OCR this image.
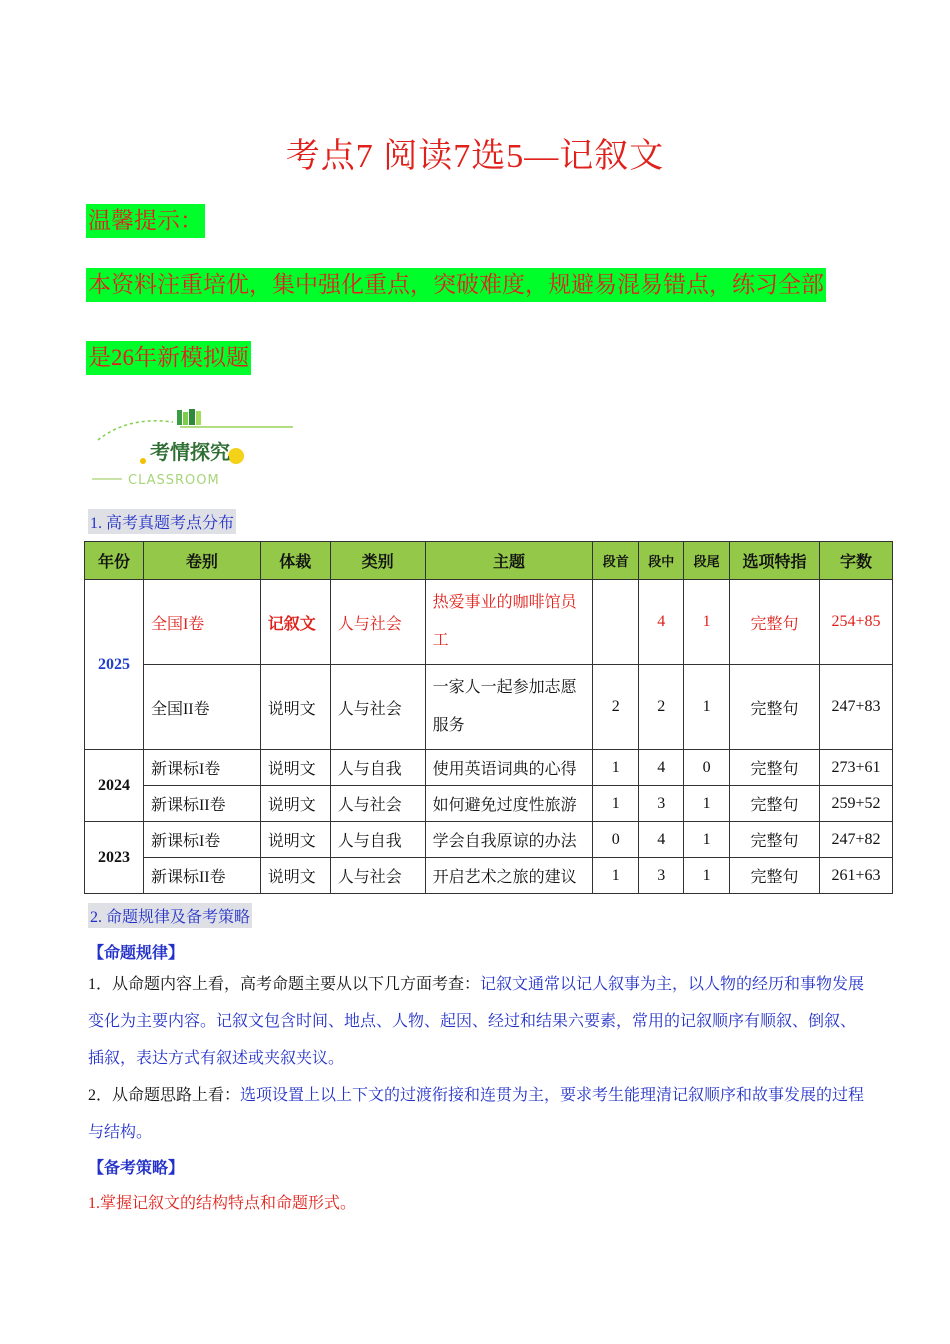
考点7 阅读7选5—记叙文
温馨提示：
本资料注重培优，集中强化重点，突破难度，规避易混易错点，练习全部
是26年新模拟题
考情探究
CLASSROOM
1. 高考真题考点分布
年份	卷别	体裁	类别	主题	段首	段中	段尾	选项特指	字数
2025	全国I卷	记叙文	人与社会	热爱事业的咖啡馆员工		4	1	完整句	254+85
	全国II卷	说明文	人与社会	一家人一起参加志愿服务	2	2	1	完整句	247+83
2024	新课标I卷	说明文	人与自我	使用英语词典的心得	1	4	0	完整句	273+61
	新课标II卷	说明文	人与社会	如何避免过度性旅游	1	3	1	完整句	259+52
2023	新课标I卷	说明文	人与自我	学会自我原谅的办法	0	4	1	完整句	247+82
	新课标II卷	说明文	人与社会	开启艺术之旅的建议	1	3	1	完整句	261+63
2. 命题规律及备考策略
【命题规律】
1．从命题内容上看，高考命题主要从以下几方面考查：记叙文通常以记人叙事为主，以人物的经历和事物发展变化为主要内容。记叙文包含时间、地点、人物、起因、经过和结果六要素，常用的记叙顺序有顺叙、倒叙、插叙，表达方式有叙述或夹叙夹议。
2．从命题思路上看：选项设置上以上下文的过渡衔接和连贯为主，要求考生能理清记叙顺序和故事发展的过程与结构。
【备考策略】
1.掌握记叙文的结构特点和命题形式。
